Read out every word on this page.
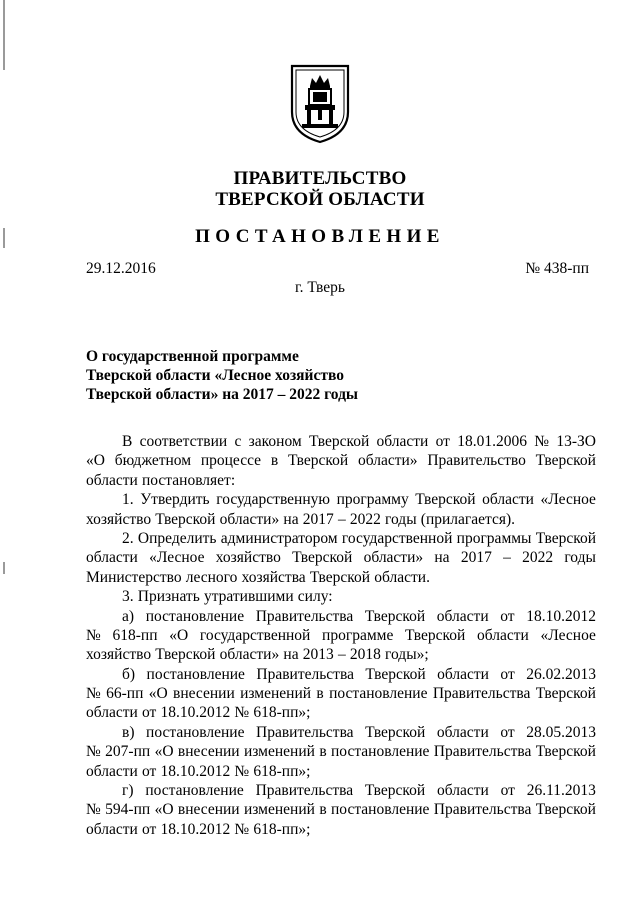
ПРАВИТЕЛЬСТВО
ТВЕРСКОЙ ОБЛАСТИ
ПОСТАНОВЛЕНИЕ
29.12.2016	№ 438-пп
г. Тверь
О государственной программе
Тверской области «Лесное хозяйство
Тверской области» на 2017 – 2022 годы
В соответствии с законом Тверской области от 18.01.2006 № 13-ЗО
«О бюджетном процессе в Тверской области» Правительство Тверской
области постановляет:
1. Утвердить государственную программу Тверской области «Лесное
хозяйство Тверской области» на 2017 – 2022 годы (прилагается).
2. Определить администратором государственной программы Тверской
области «Лесное хозяйство Тверской области» на 2017 – 2022 годы
Министерство лесного хозяйства Тверской области.
3. Признать утратившими силу:
а) постановление Правительства Тверской области от 18.10.2012
№ 618-пп «О государственной программе Тверской области «Лесное
хозяйство Тверской области» на 2013 – 2018 годы»;
б) постановление Правительства Тверской области от 26.02.2013
№ 66-пп «О внесении изменений в постановление Правительства Тверской
области от 18.10.2012 № 618-пп»;
в) постановление Правительства Тверской области от 28.05.2013
№ 207-пп «О внесении изменений в постановление Правительства Тверской
области от 18.10.2012 № 618-пп»;
г) постановление Правительства Тверской области от 26.11.2013
№ 594-пп «О внесении изменений в постановление Правительства Тверской
области от 18.10.2012 № 618-пп»;
